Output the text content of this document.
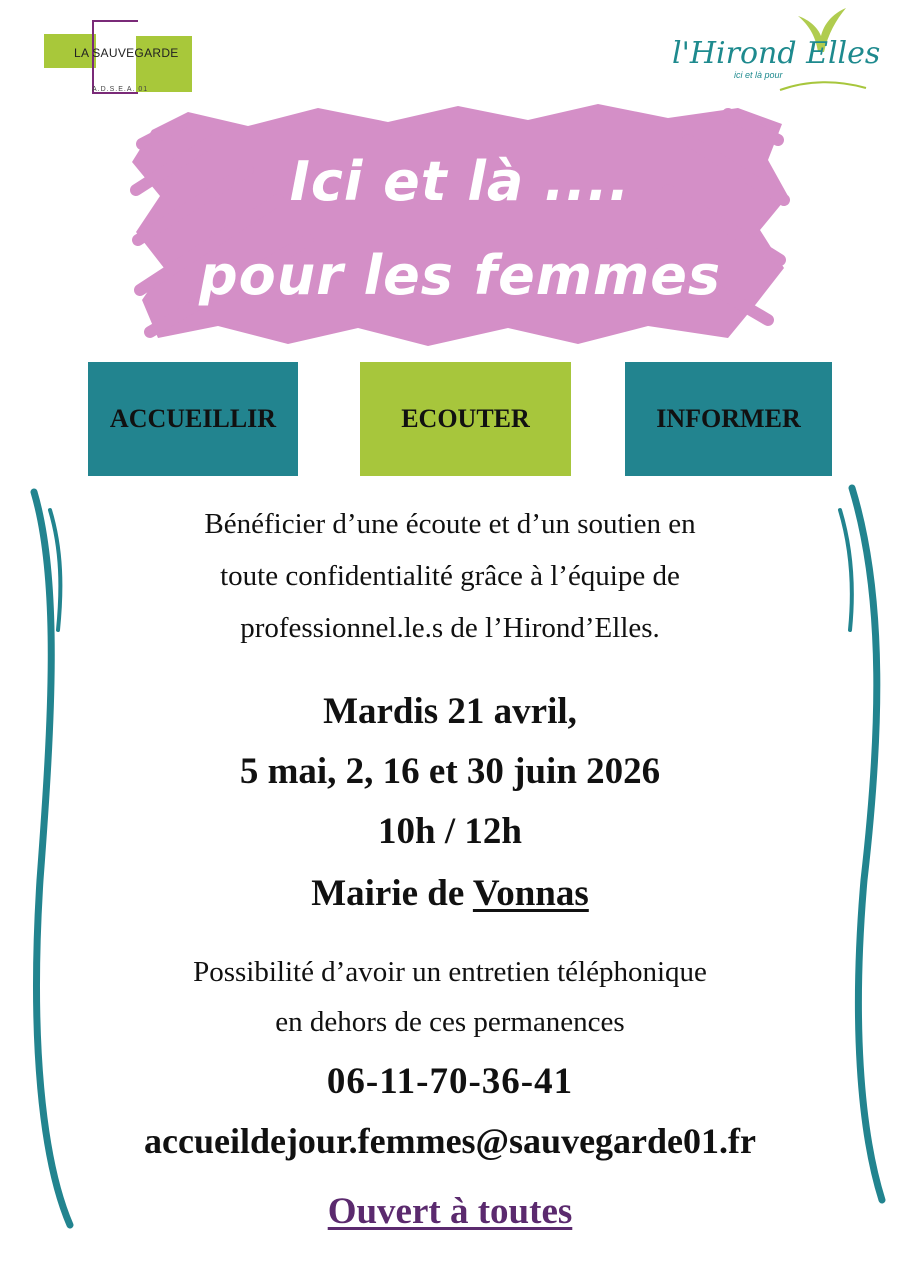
LA SAUVEGARDE
A.D.S.E.A. 01
l'Hirond Elles
ici et là pour
Ici et là ....
pour les femmes
ACCUEILLIR	ECOUTER	INFORMER
Bénéficier d’une écoute et d’un soutien en
toute confidentialité grâce à l’équipe de
professionnel.le.s de l’Hirond’Elles.
Mardis 21 avril,
5 mai, 2, 16 et 30 juin 2026
10h / 12h
Mairie de Vonnas
Possibilité d’avoir un entretien téléphonique
en dehors de ces permanences
06-11-70-36-41
accueildejour.femmes@sauvegarde01.fr
Ouvert à toutes
